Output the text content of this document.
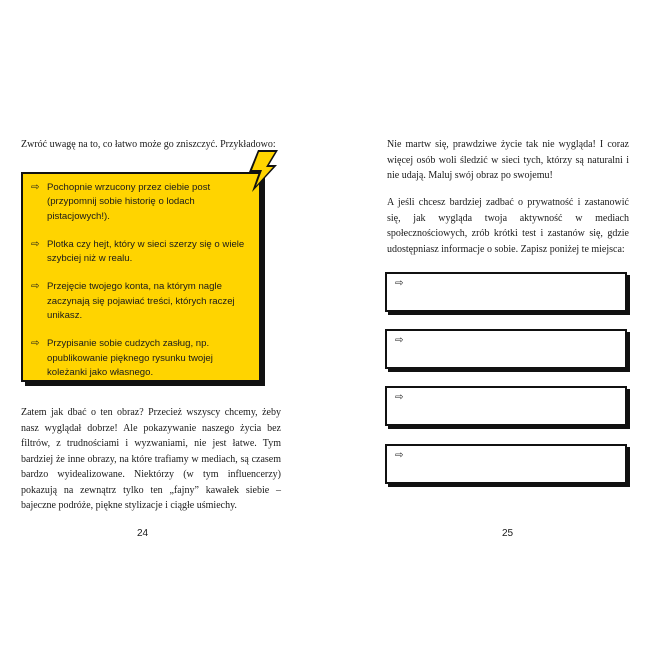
Zwróć uwagę na to, co łatwo może go zniszczyć. Przykładowo:
⇨ Pochopnie wrzucony przez ciebie post (przypomnij sobie historię o lodach pistacjowych!).
⇨ Plotka czy hejt, który w sieci szerzy się o wiele szybciej niż w realu.
⇨ Przejęcie twojego konta, na którym nagle zaczynają się pojawiać treści, których raczej unikasz.
⇨ Przypisanie sobie cudzych zasług, np. opublikowanie pięknego rysunku twojej koleżanki jako własnego.
Zatem jak dbać o ten obraz? Przecież wszyscy chcemy, żeby nasz wyglądał dobrze! Ale pokazywanie naszego życia bez filtrów, z trudnościami i wyzwaniami, nie jest łatwe. Tym bardziej że inne obrazy, na które trafiamy w mediach, są czasem bardzo wyidealizowane. Niektórzy (w tym influencerzy) pokazują na zewnątrz tylko ten „fajny” kawałek siebie – bajeczne podróże, piękne stylizacje i ciągłe uśmiechy.
24
Nie martw się, prawdziwe życie tak nie wygląda! I coraz więcej osób woli śledzić w sieci tych, którzy są naturalni i nie udają. Maluj swój obraz po swojemu!
A jeśli chcesz bardziej zadbać o prywatność i zastanowić się, jak wygląda twoja aktywność w mediach społecznościowych, zrób krótki test i zastanów się, gdzie udostępniasz informacje o sobie. Zapisz poniżej te miejsca:
⇨
⇨
⇨
⇨
25
